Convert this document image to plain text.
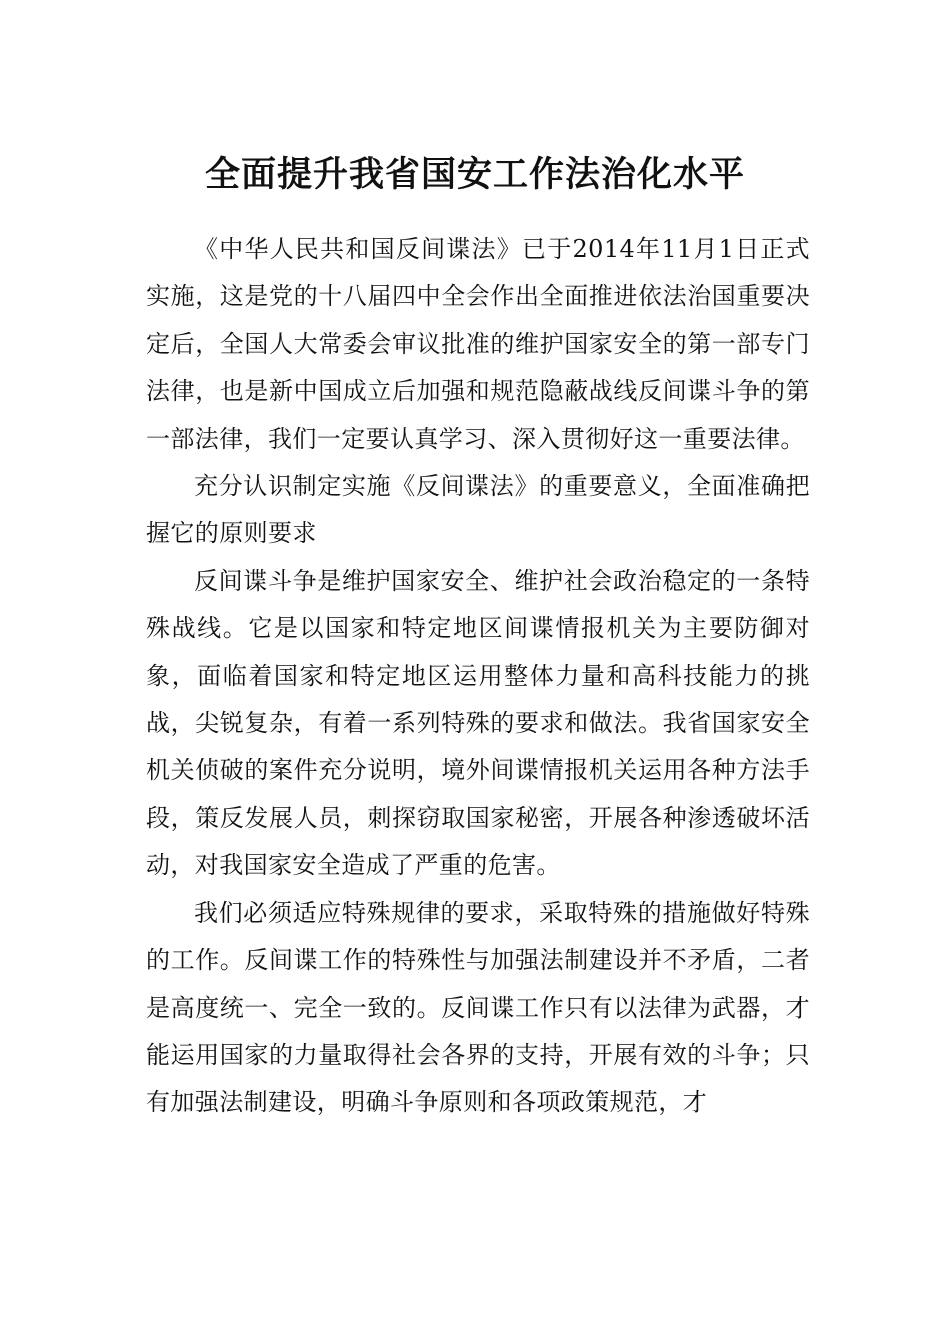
全面提升我省国安工作法治化水平

《中华人民共和国反间谍法》已于2014年11月1日正式实施，这是党的十八届四中全会作出全面推进依法治国重要决定后，全国人大常委会审议批准的维护国家安全的第一部专门法律，也是新中国成立后加强和规范隐蔽战线反间谍斗争的第一部法律，我们一定要认真学习、深入贯彻好这一重要法律。

充分认识制定实施《反间谍法》的重要意义，全面准确把握它的原则要求

反间谍斗争是维护国家安全、维护社会政治稳定的一条特殊战线。它是以国家和特定地区间谍情报机关为主要防御对象，面临着国家和特定地区运用整体力量和高科技能力的挑战，尖锐复杂，有着一系列特殊的要求和做法。我省国家安全机关侦破的案件充分说明，境外间谍情报机关运用各种方法手段，策反发展人员，刺探窃取国家秘密，开展各种渗透破坏活动，对我国家安全造成了严重的危害。

我们必须适应特殊规律的要求，采取特殊的措施做好特殊的工作。反间谍工作的特殊性与加强法制建设并不矛盾，二者是高度统一、完全一致的。反间谍工作只有以法律为武器，才能运用国家的力量取得社会各界的支持，开展有效的斗争；只有加强法制建设，明确斗争原则和各项政策规范，才
